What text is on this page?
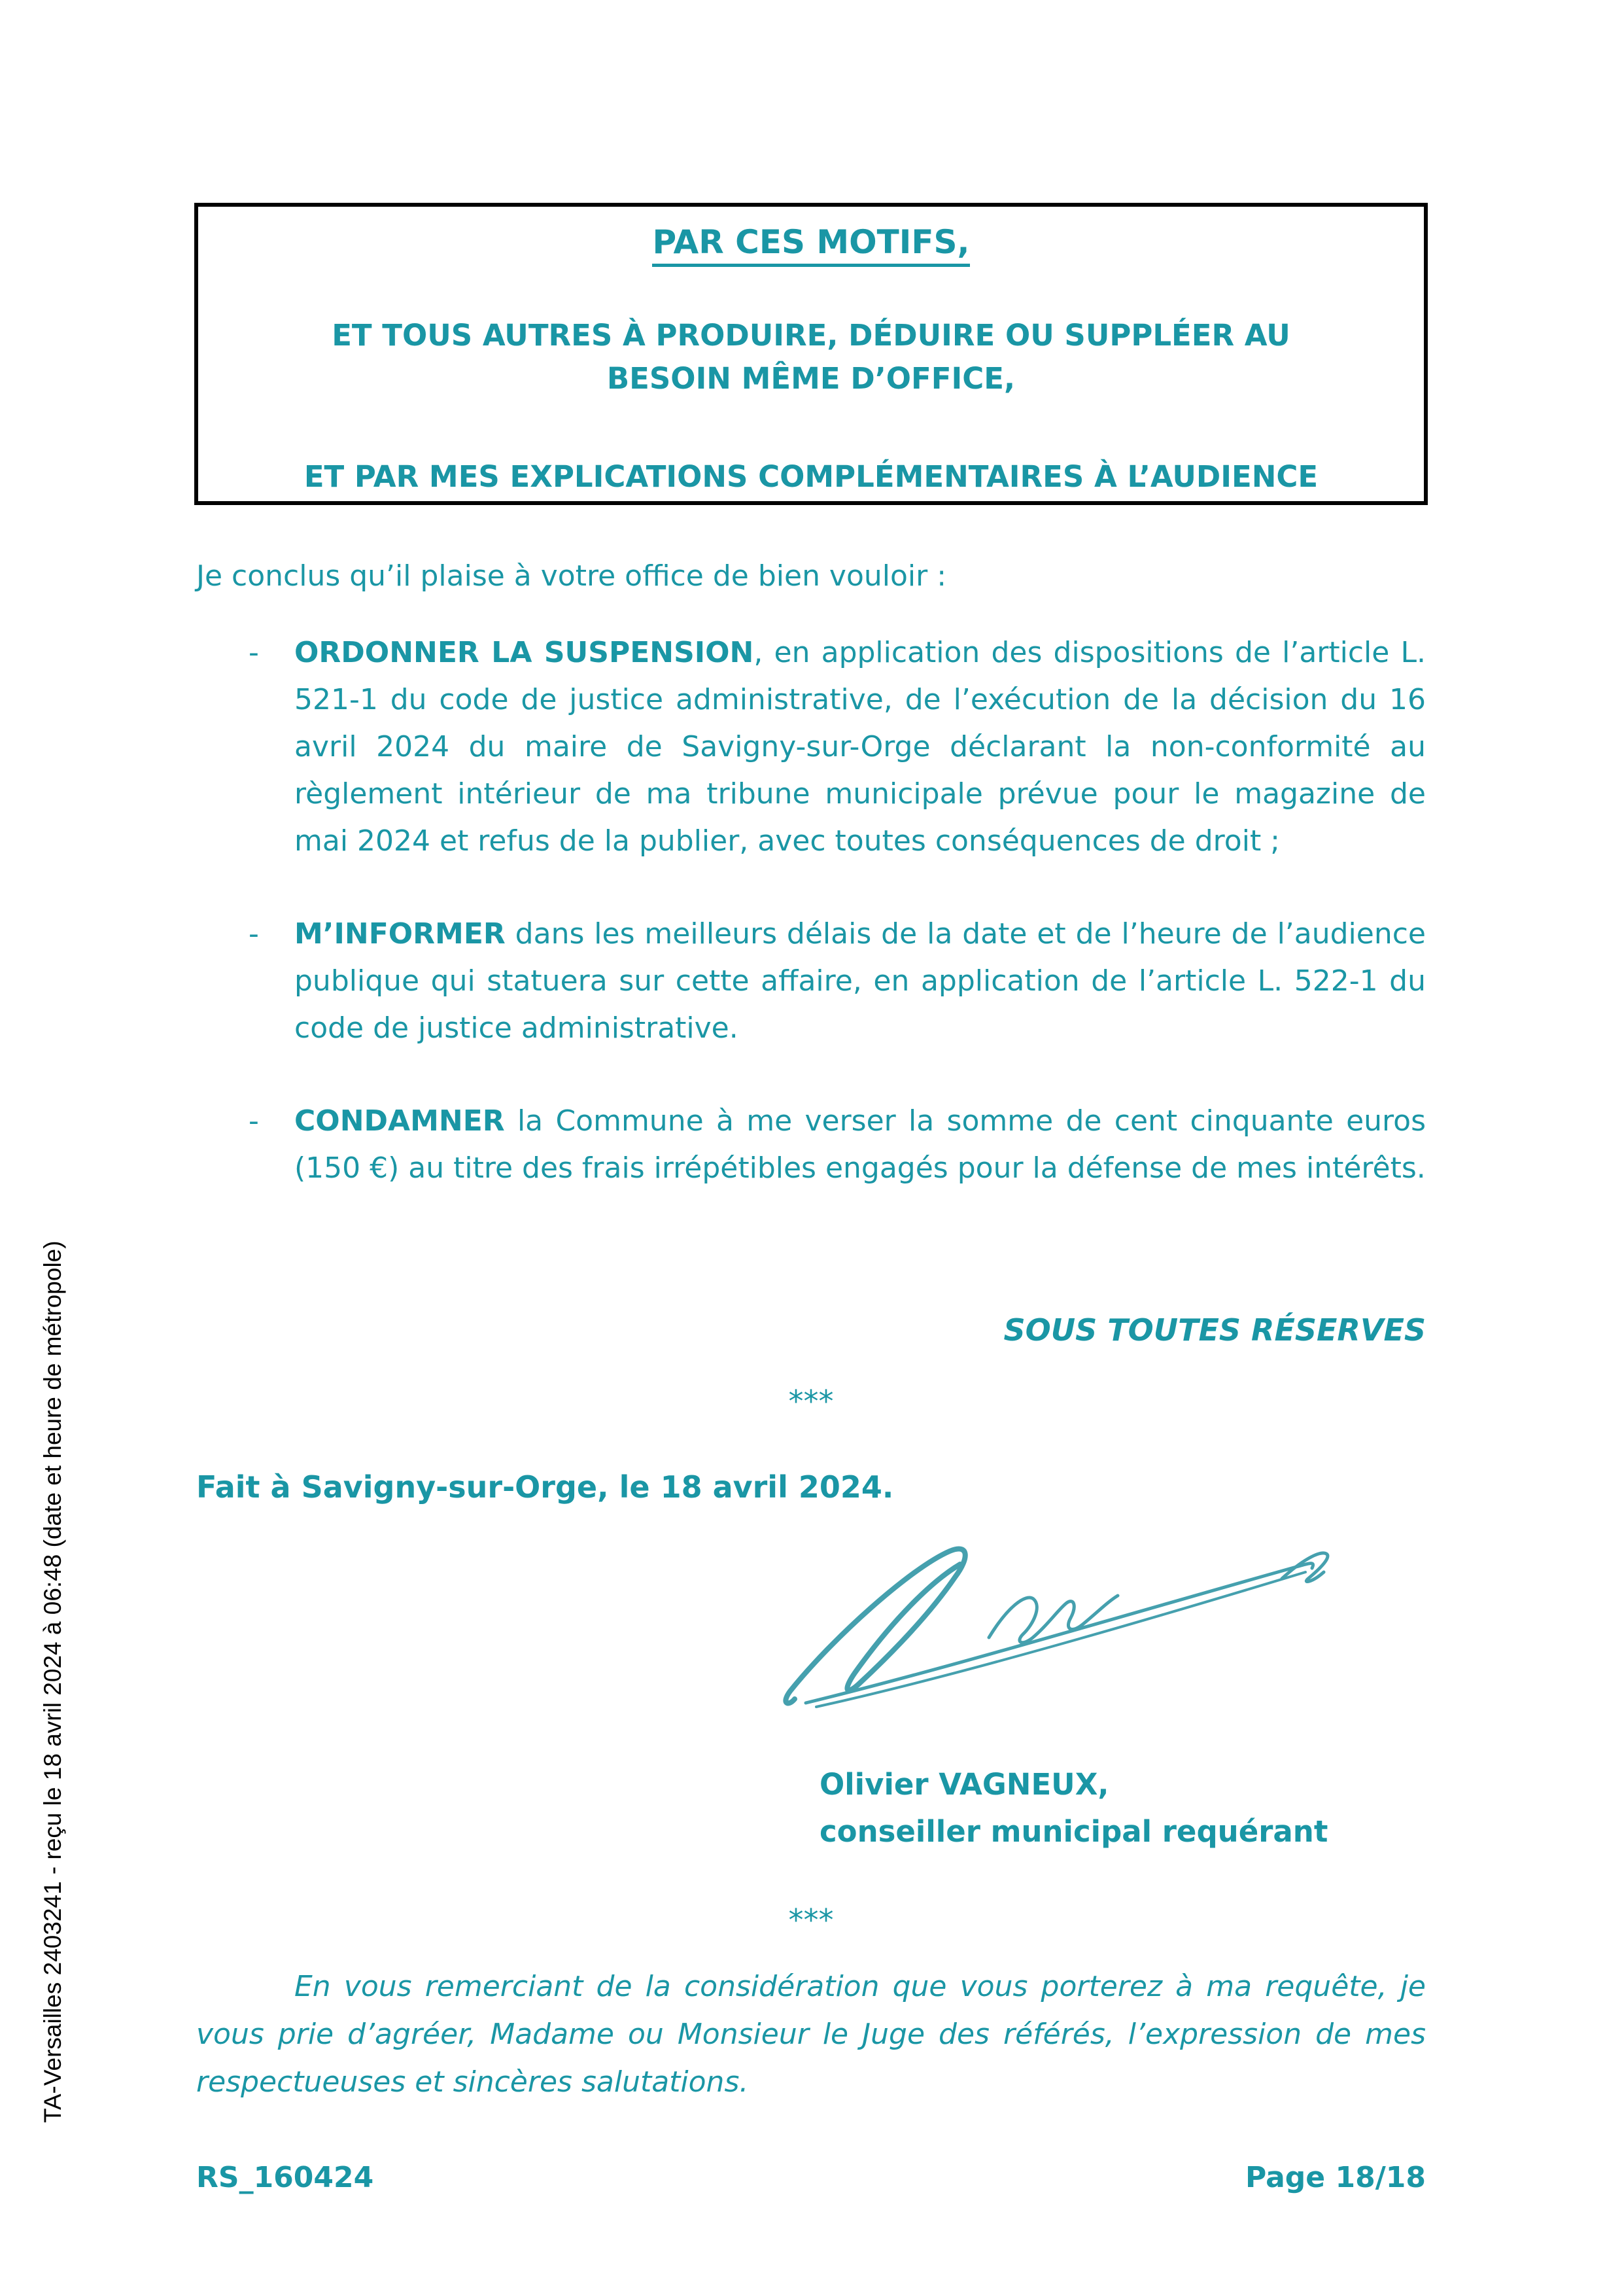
TA-Versailles 2403241 - reçu le 18 avril 2024 à 06:48 (date et heure de métropole)
PAR CES MOTIFS,
ET TOUS AUTRES À PRODUIRE, DÉDUIRE OU SUPPLÉER AU
BESOIN MÊME D’OFFICE,
ET PAR MES EXPLICATIONS COMPLÉMENTAIRES À L’AUDIENCE
Je conclus qu’il plaise à votre office de bien vouloir :
- ORDONNER LA SUSPENSION, en application des dispositions de l’article L. 521-1 du code de justice administrative, de l’exécution de la décision du 16 avril 2024 du maire de Savigny-sur-Orge déclarant la non-conformité au règlement intérieur de ma tribune municipale prévue pour le magazine de mai 2024 et refus de la publier, avec toutes conséquences de droit ;

- M’INFORMER dans les meilleurs délais de la date et de l’heure de l’audience publique qui statuera sur cette affaire, en application de l’article L. 522-1 du code de justice administrative.

- CONDAMNER la Commune à me verser la somme de cent cinquante euros (150 €) au titre des frais irrépétibles engagés pour la défense de mes intérêts.

SOUS TOUTES RÉSERVES
***
Fait à Savigny-sur-Orge, le 18 avril 2024.
Olivier VAGNEUX,
conseiller municipal requérant
***
En vous remerciant de la considération que vous porterez à ma requête, je vous prie d’agréer, Madame ou Monsieur le Juge des référés, l’expression de mes respectueuses et sincères salutations.
RS_160424	Page 18/18
